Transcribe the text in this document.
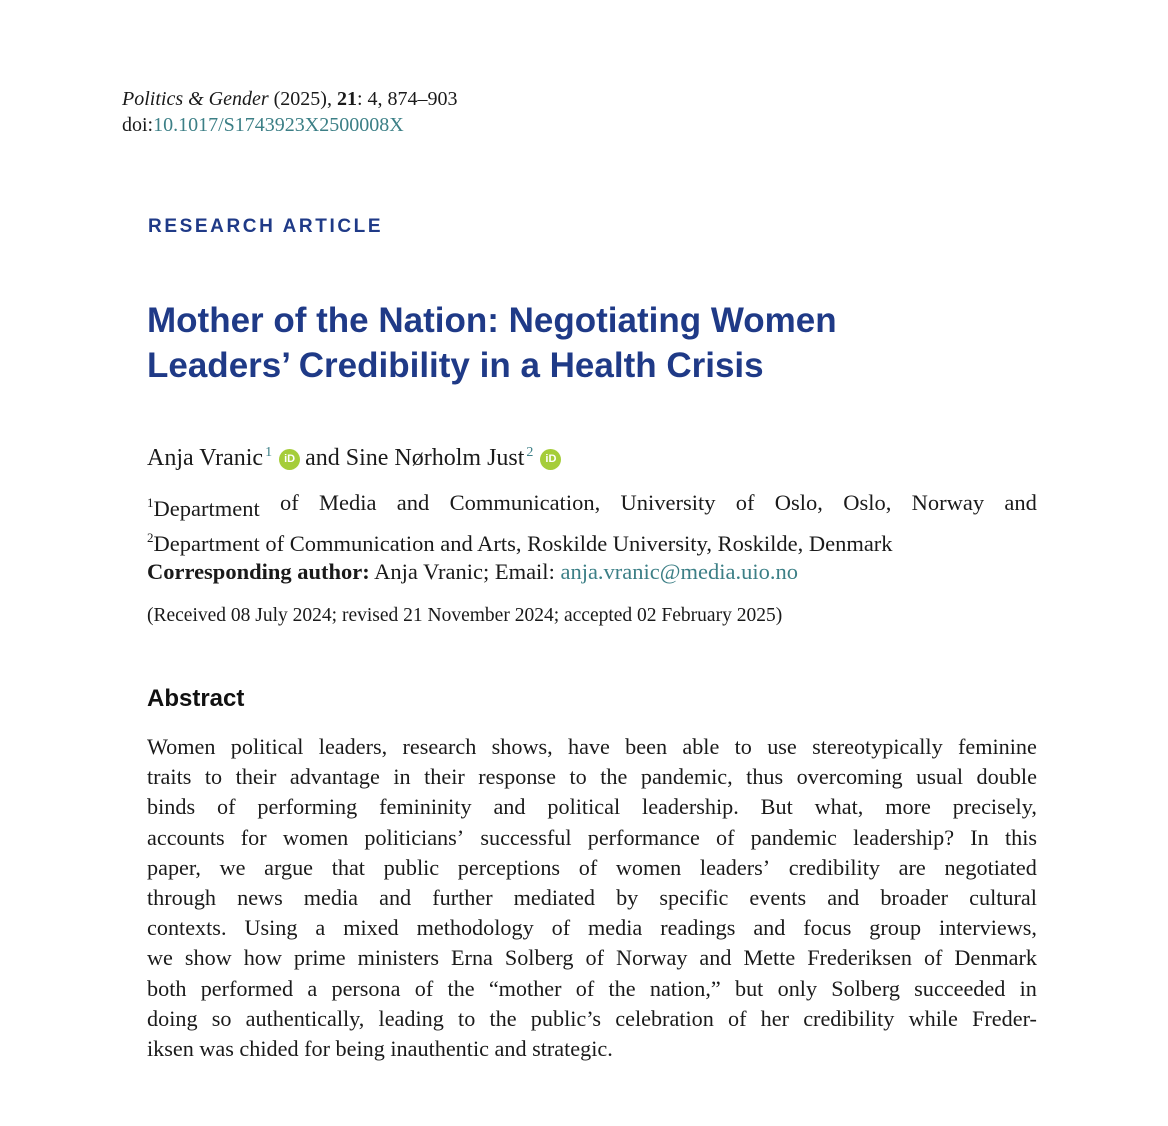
Politics & Gender (2025), 21: 4, 874–903
doi:10.1017/S1743923X2500008X
RESEARCH ARTICLE
Mother of the Nation: Negotiating Women
Leaders’ Credibility in a Health Crisis
Anja Vranic $^1$ iD and Sine Nørholm Just $^2$ iD
$^1$Department of Media and Communication, University of Oslo, Oslo, Norway and
$^2$Department of Communication and Arts, Roskilde University, Roskilde, Denmark
Corresponding author: Anja Vranic; Email: anja.vranic@media.uio.no
(Received 08 July 2024; revised 21 November 2024; accepted 02 February 2025)
Abstract
Women political leaders, research shows, have been able to use stereotypically feminine
traits to their advantage in their response to the pandemic, thus overcoming usual double
binds of performing femininity and political leadership. But what, more precisely,
accounts for women politicians’ successful performance of pandemic leadership? In this
paper, we argue that public perceptions of women leaders’ credibility are negotiated
through news media and further mediated by specific events and broader cultural
contexts. Using a mixed methodology of media readings and focus group interviews,
we show how prime ministers Erna Solberg of Norway and Mette Frederiksen of Denmark
both performed a persona of the “mother of the nation,” but only Solberg succeeded in
doing so authentically, leading to the public’s celebration of her credibility while Freder-
iksen was chided for being inauthentic and strategic.
